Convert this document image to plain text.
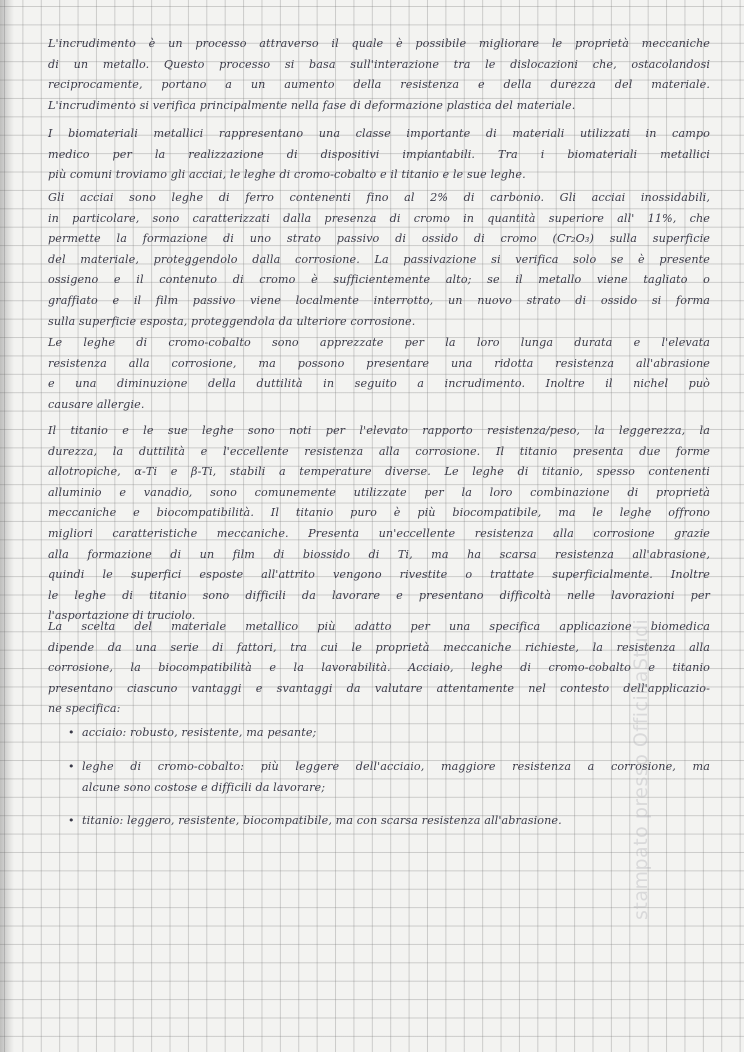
L'incrudimento è un processo attraverso il quale è possibile migliorare le proprietà meccaniche
di un metallo. Questo processo si basa sull'interazione tra le dislocazioni che, ostacolandosi
reciprocamente, portano a un aumento della resistenza e della durezza del materiale.
L'incrudimento si verifica principalmente nella fase di deformazione plastica del materiale.
I biomateriali metallici rappresentano una classe importante di materiali utilizzati in campo
medico per la realizzazione di dispositivi impiantabili. Tra i biomateriali metallici
più comuni troviamo gli acciai, le leghe di cromo-cobalto e il titanio e le sue leghe.
Gli acciai sono leghe di ferro contenenti fino al 2% di carbonio. Gli acciai inossidabili,
in particolare, sono caratterizzati dalla presenza di cromo in quantità superiore all' 11%, che
permette la formazione di uno strato passivo di ossido di cromo (Cr₂O₃) sulla superficie
del materiale, proteggendolo dalla corrosione. La passivazione si verifica solo se è presente
ossigeno e il contenuto di cromo è sufficientemente alto; se il metallo viene tagliato o
graffiato e il film passivo viene localmente interrotto, un nuovo strato di ossido si forma
sulla superficie esposta, proteggendola da ulteriore corrosione.
Le leghe di cromo-cobalto sono apprezzate per la loro lunga durata e l'elevata
resistenza alla corrosione, ma possono presentare una ridotta resistenza all'abrasione
e una diminuzione della duttilità in seguito a incrudimento. Inoltre il nichel può
causare allergie.
Il titanio e le sue leghe sono noti per l'elevato rapporto resistenza/peso, la leggerezza, la
durezza, la duttilità e l'eccellente resistenza alla corrosione. Il titanio presenta due forme
allotropiche, α-Ti e β-Ti, stabili a temperature diverse. Le leghe di titanio, spesso contenenti
alluminio e vanadio, sono comunemente utilizzate per la loro combinazione di proprietà
meccaniche e biocompatibilità. Il titanio puro è più biocompatibile, ma le leghe offrono
migliori caratteristiche meccaniche. Presenta un'eccellente resistenza alla corrosione grazie
alla formazione di un film di biossido di Ti, ma ha scarsa resistenza all'abrasione,
quindi le superfici esposte all'attrito vengono rivestite o trattate superficialmente. Inoltre
le leghe di titanio sono difficili da lavorare e presentano difficoltà nelle lavorazioni per
l'asportazione di truciolo.
La scelta del materiale metallico più adatto per una specifica applicazione biomedica
dipende da una serie di fattori, tra cui le proprietà meccaniche richieste, la resistenza alla
corrosione, la biocompatibilità e la lavorabilità. Acciaio, leghe di cromo-cobalto e titanio
presentano ciascuno vantaggi e svantaggi da valutare attentamente nel contesto dell'applicazio-
ne specifica:
• acciaio: robusto, resistente, ma pesante;
• leghe di cromo-cobalto: più leggere dell'acciaio, maggiore resistenza a corrosione, ma
alcune sono costose e difficili da lavorare;
• titanio: leggero, resistente, biocompatibile, ma con scarsa resistenza all'abrasione.	stampato presso OfficinaStudi
